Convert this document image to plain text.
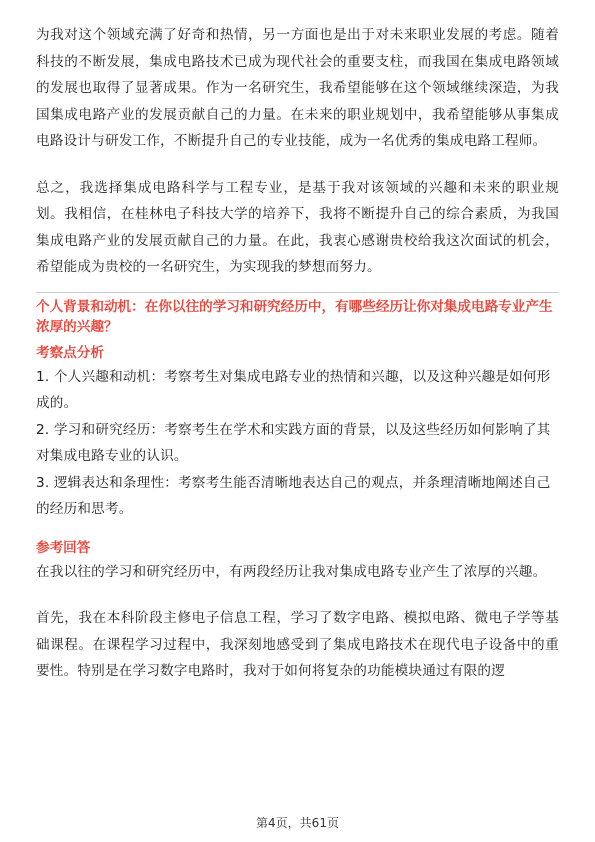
为我对这个领域充满了好奇和热情，另一方面也是出于对未来职业发展的考虑。随着科技的不断发展，集成电路技术已成为现代社会的重要支柱，而我国在集成电路领域的发展也取得了显著成果。作为一名研究生，我希望能够在这个领域继续深造，为我国集成电路产业的发展贡献自己的力量。在未来的职业规划中，我希望能够从事集成电路设计与研发工作，不断提升自己的专业技能，成为一名优秀的集成电路工程师。

总之，我选择集成电路科学与工程专业，是基于我对该领域的兴趣和未来的职业规划。我相信，在桂林电子科技大学的培养下，我将不断提升自己的综合素质，为我国集成电路产业的发展贡献自己的力量。在此，我衷心感谢贵校给我这次面试的机会，希望能成为贵校的一名研究生，为实现我的梦想而努力。

个人背景和动机：在你以往的学习和研究经历中，有哪些经历让你对集成电路专业产生浓厚的兴趣？

考察点分析

1. 个人兴趣和动机：考察考生对集成电路专业的热情和兴趣，以及这种兴趣是如何形成的。

2. 学习和研究经历：考察考生在学术和实践方面的背景，以及这些经历如何影响了其对集成电路专业的认识。

3. 逻辑表达和条理性：考察考生能否清晰地表达自己的观点，并条理清晰地阐述自己的经历和思考。

参考回答

在我以往的学习和研究经历中，有两段经历让我对集成电路专业产生了浓厚的兴趣。

首先，我在本科阶段主修电子信息工程，学习了数字电路、模拟电路、微电子学等基础课程。在课程学习过程中，我深刻地感受到了集成电路技术在现代电子设备中的重要性。特别是在学习数字电路时，我对于如何将复杂的功能模块通过有限的逻

第4页，共61页
